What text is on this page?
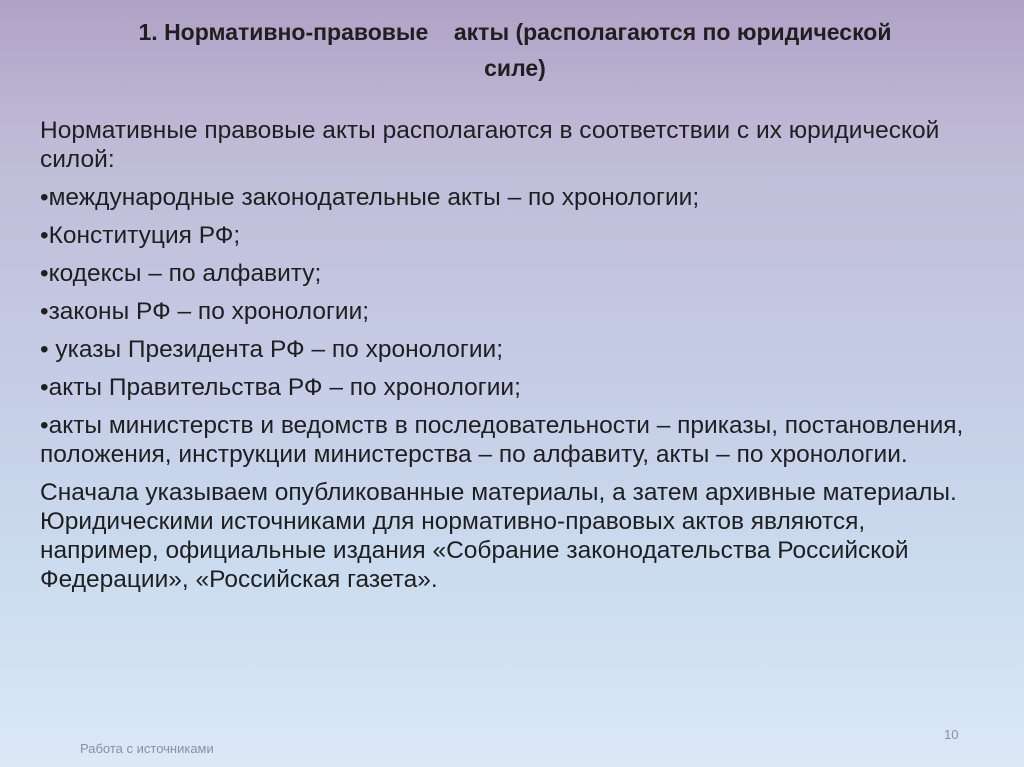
1. Нормативно-правовые    акты (располагаются по юридической
силе)

Нормативные правовые акты располагаются в соответствии с их юридической силой:

•международные законодательные акты – по хронологии;

•Конституция РФ;

•кодексы – по алфавиту;

•законы РФ – по хронологии;

• указы Президента РФ – по хронологии;

•акты Правительства РФ – по хронологии;

•акты министерств и ведомств в последовательности – приказы, постановления, положения, инструкции министерства – по алфавиту, акты – по хронологии.

Сначала указываем опубликованные материалы, а затем архивные материалы. Юридическими источниками для нормативно-правовых актов являются, например, официальные издания «Собрание законодательства Российской Федерации», «Российская газета».

10
Работа с источниками
